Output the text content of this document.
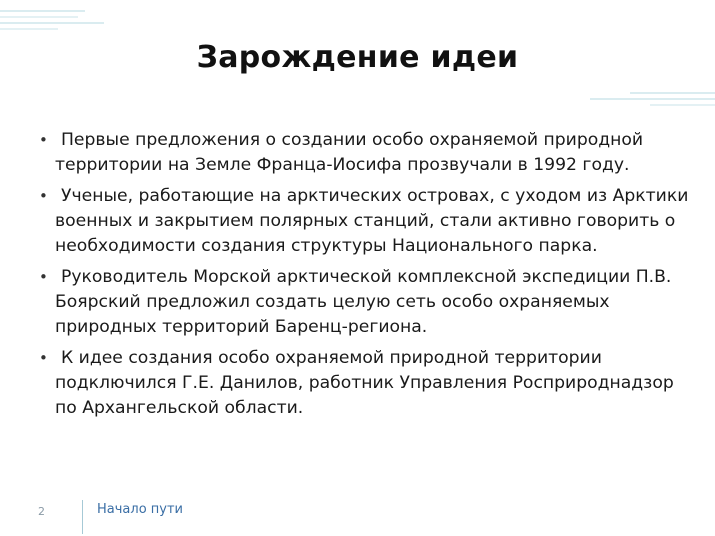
Зарождение идеи
• Первые предложения о создании особо охраняемой природной территории на Земле Франца-Иосифа прозвучали в 1992 году.
• Ученые, работающие на арктических островах, с уходом из Арктики военных и закрытием полярных станций, стали активно говорить о необходимости создания структуры Национального парка.
• Руководитель Морской арктической комплексной экспедиции П.В. Боярский предложил создать целую сеть особо охраняемых природных территорий Баренц-региона.
• К идее создания особо охраняемой природной территории подключился Г.Е. Данилов, работник Управления Росприроднадзор по Архангельской области.
2	Начало пути
